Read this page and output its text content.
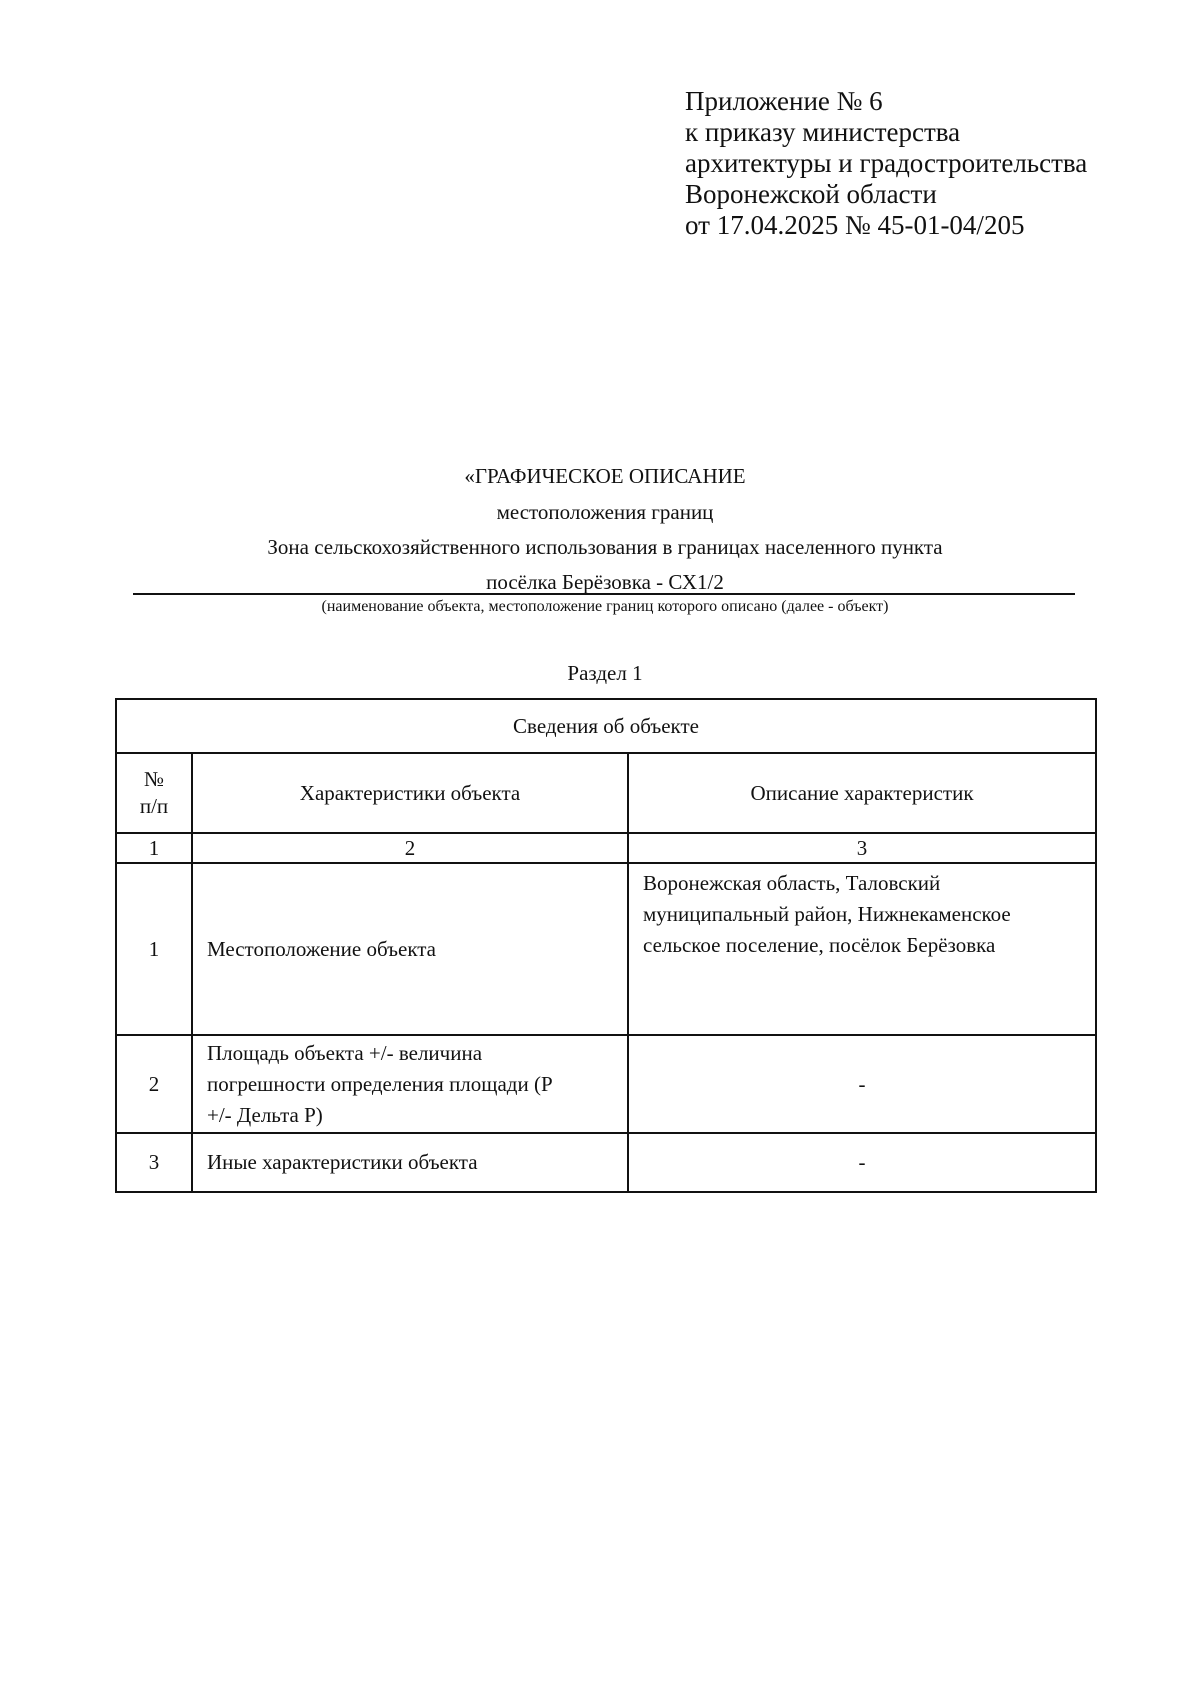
Приложение № 6
к приказу министерства
архитектуры и градостроительства
Воронежской области
от 17.04.2025 № 45-01-04/205
«ГРАФИЧЕСКОЕ ОПИСАНИЕ
местоположения границ
Зона сельскохозяйственного использования в границах населенного пункта
посёлка Берёзовка - СХ1/2
(наименование объекта, местоположение границ которого описано (далее - объект)
Раздел 1
Сведения об объекте		

№
п/п	Характеристики объекта	Описание характеристик
1	2	3
1	Местоположение объекта	Воронежская область, Таловский
муниципальный район, Нижнекаменское
сельское поселение, посёлок Берёзовка

2	Площадь объекта +/- величина
погрешности определения площади (P
+/- Дельта P)	-
3	Иные характеристики объекта	-
